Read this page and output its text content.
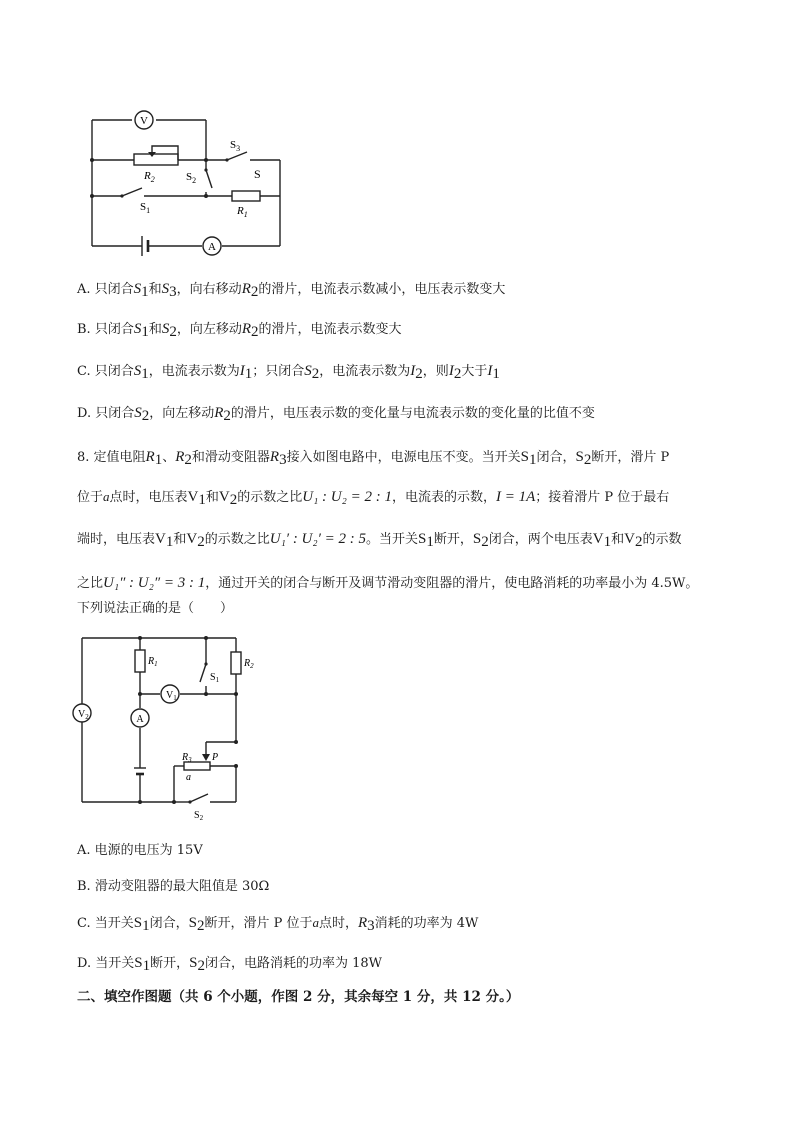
V
A
$R_2$
$R_1$
$S_1$
$S_2$
$S_3$
S
A. 只闭合$S_1$和$S_3$，向右移动$R_2$的滑片，电流表示数减小，电压表示数变大
B. 只闭合$S_1$和$S_2$，向左移动$R_2$的滑片，电流表示数变大
C. 只闭合$S_1$，电流表示数为$I_1$；只闭合$S_2$，电流表示数为$I_2$，则$I_2$大于$I_1$
D. 只闭合$S_2$，向左移动$R_2$的滑片，电压表示数的变化量与电流表示数的变化量的比值不变
8. 定值电阻$R_1$、$R_2$和滑动变阻器$R_3$接入如图电路中，电源电压不变。当开关$S_1$闭合，$S_2$断开，滑片 P
位于a点时，电压表$V_1$和$V_2$的示数之比U₁ : U₂ = 2 : 1，电流表的示数，I = 1A；接着滑片 P 位于最右
端时，电压表$V_1$和$V_2$的示数之比U₁′ : U₂′ = 2 : 5。当开关$S_1$断开，$S_2$闭合，两个电压表$V_1$和$V_2$的示数
之比U₁″ : U₂″ = 3 : 1，通过开关的闭合与断开及调节滑动变阻器的滑片，使电路消耗的功率最小为 4.5W。
下列说法正确的是（　　）
$V_2$
$V_1$
A
$R_1$	$R_2$
$R_3$
$S_1$
$S_2$
P
a
A. 电源的电压为 15V
B. 滑动变阻器的最大阻值是 30Ω
C. 当开关$S_1$闭合，$S_2$断开，滑片 P 位于a点时，$R_3$消耗的功率为 4W
D. 当开关$S_1$断开，$S_2$闭合，电路消耗的功率为 18W
二、填空作图题（共 6 个小题，作图 2 分，其余每空 1 分，共 12 分。）
